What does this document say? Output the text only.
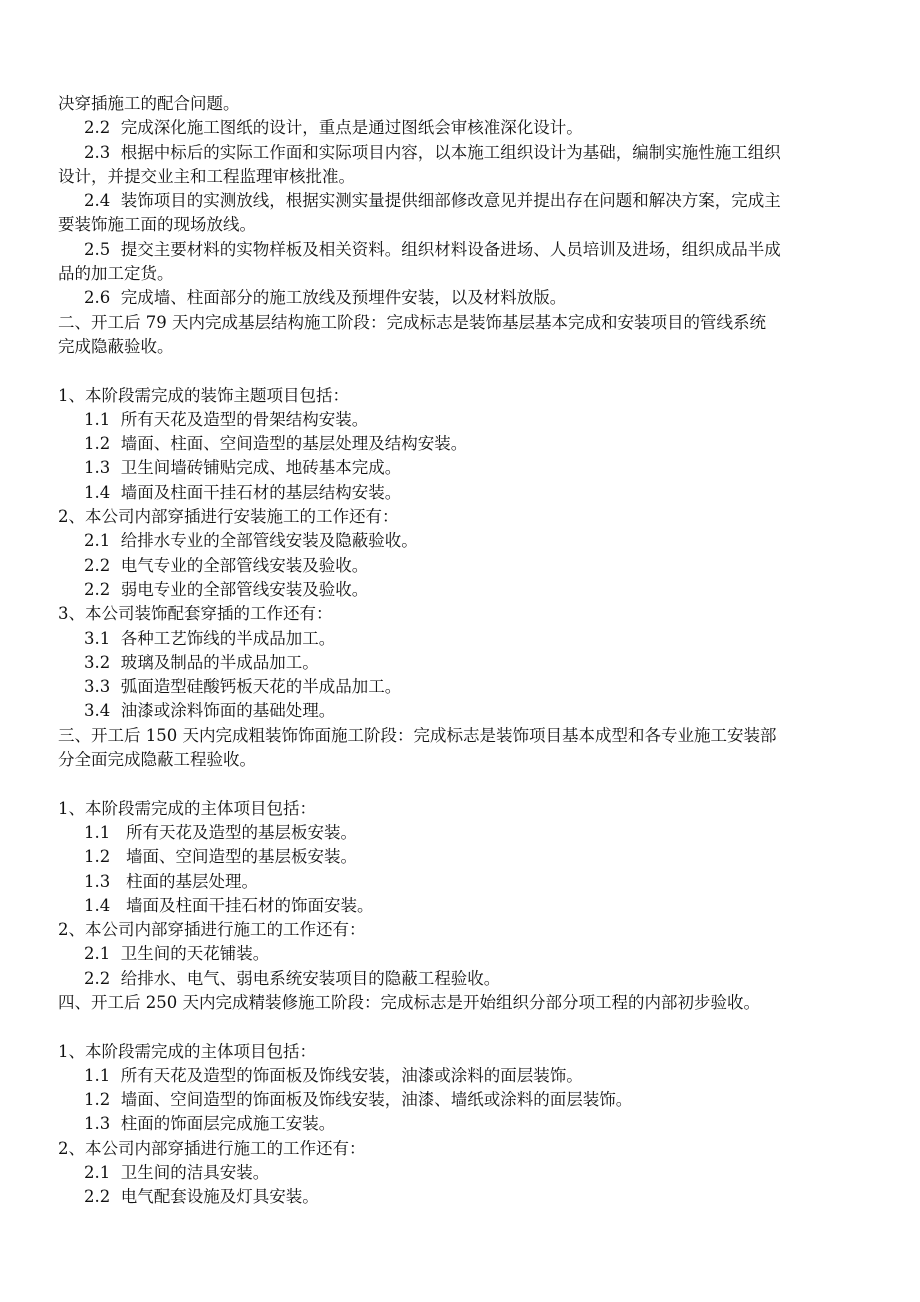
决穿插施工的配合问题。
2.2  完成深化施工图纸的设计，重点是通过图纸会审核准深化设计。
2.3  根据中标后的实际工作面和实际项目内容，以本施工组织设计为基础，编制实施性施工组织
设计，并提交业主和工程监理审核批准。
2.4  装饰项目的实测放线，根据实测实量提供细部修改意见并提出存在问题和解决方案，完成主
要装饰施工面的现场放线。
2.5  提交主要材料的实物样板及相关资料。组织材料设备进场、人员培训及进场，组织成品半成
品的加工定货。
2.6  完成墙、柱面部分的施工放线及预埋件安装，以及材料放版。
二、开工后 79 天内完成基层结构施工阶段：完成标志是装饰基层基本完成和安装项目的管线系统
完成隐蔽验收。
1、本阶段需完成的装饰主题项目包括：
1.1  所有天花及造型的骨架结构安装。
1.2  墙面、柱面、空间造型的基层处理及结构安装。
1.3  卫生间墙砖铺贴完成、地砖基本完成。
1.4  墙面及柱面干挂石材的基层结构安装。
2、本公司内部穿插进行安装施工的工作还有：
2.1  给排水专业的全部管线安装及隐蔽验收。
2.2  电气专业的全部管线安装及验收。
2.2  弱电专业的全部管线安装及验收。
3、本公司装饰配套穿插的工作还有：
3.1  各种工艺饰线的半成品加工。
3.2  玻璃及制品的半成品加工。
3.3  弧面造型硅酸钙板天花的半成品加工。
3.4  油漆或涂料饰面的基础处理。
三、开工后 150 天内完成粗装饰饰面施工阶段：完成标志是装饰项目基本成型和各专业施工安装部
分全面完成隐蔽工程验收。
1、本阶段需完成的主体项目包括：
1.1   所有天花及造型的基层板安装。
1.2   墙面、空间造型的基层板安装。
1.3   柱面的基层处理。
1.4   墙面及柱面干挂石材的饰面安装。
2、本公司内部穿插进行施工的工作还有：
2.1  卫生间的天花铺装。
2.2  给排水、电气、弱电系统安装项目的隐蔽工程验收。
四、开工后 250 天内完成精装修施工阶段：完成标志是开始组织分部分项工程的内部初步验收。
1、本阶段需完成的主体项目包括：
1.1  所有天花及造型的饰面板及饰线安装，油漆或涂料的面层装饰。
1.2  墙面、空间造型的饰面板及饰线安装，油漆、墙纸或涂料的面层装饰。
1.3  柱面的饰面层完成施工安装。
2、本公司内部穿插进行施工的工作还有：
2.1  卫生间的洁具安装。
2.2  电气配套设施及灯具安装。
